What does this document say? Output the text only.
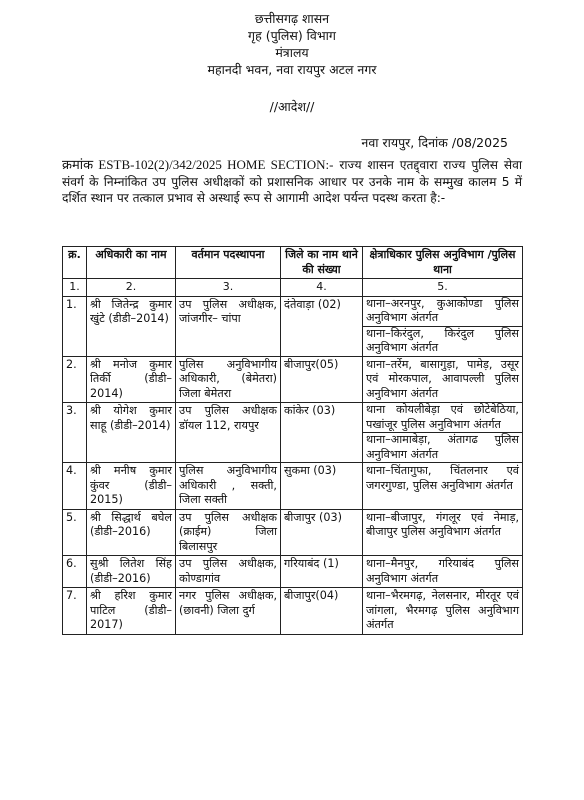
छत्तीसगढ़ शासन
गृह (पुलिस) विभाग
मंत्रालय
महानदी भवन, नवा रायपुर अटल नगर
//आदेश//
नवा रायपुर, दिनांक /08/2025
क्रमांक ESTB-102(2)/342/2025 HOME SECTION:- राज्य शासन एतद्द्वारा राज्य पुलिस सेवा संवर्ग के निम्नांकित उप पुलिस अधीक्षकों को प्रशासनिक आधार पर उनके नाम के सम्मुख कालम 5 में दर्शित स्थान पर तत्काल प्रभाव से अस्थाई रूप से आगामी आदेश पर्यन्त पदस्थ करता है:-
क्र.	अधिकारी का नाम	वर्तमान पदस्थापना	जिले का नाम थाने की संख्या	क्षेत्राधिकार पुलिस अनुविभाग /पुलिस थाना
1.	2.	3.	4.	5.
1.	श्री जितेन्द्र कुमार खुंटे (डीडी–2014)	उप पुलिस अधीक्षक, जांजगीर– चांपा	दंतेवाड़ा (02)	थाना–अरनपुर, कुआकोण्डा पुलिस अनुविभाग अंतर्गत
थाना–किरंदुल, किरंदुल पुलिस अनुविभाग अंतर्गत

2.	श्री मनोज कुमार तिर्की (डीडी–2014)	पुलिस अनुविभागीय अधिकारी, (बेमेतरा) जिला बेमेतरा	बीजापुर(05)	थाना–तर्रेम, बासागुड़ा, पामेड़, उसूर एवं मोरकपाल, आवापल्ली पुलिस अनुविभाग अंतर्गत
3.	श्री योगेश कुमार साहू (डीडी–2014)	उप पुलिस अधीक्षक डॉयल 112, रायपुर	कांकेर (03)	थाना कोयलीबेड़ा एवं छोटेबेठिया, पखांजूर पुलिस अनुविभाग अंतर्गत
थाना–आमाबेड़ा, अंतागढ पुलिस अनुविभाग अंतर्गत

4.	श्री मनीष कुमार कुंवर (डीडी–2015)	पुलिस अनुविभागीय अधिकारी , सक्ती, जिला सक्ती	सुकमा (03)	थाना–चिंतागुफा, चिंतलनार एवं जगरगुण्डा, पुलिस अनुविभाग अंतर्गत
5.	श्री सिद्धार्थ बघेल (डीडी–2016)	उप पुलिस अधीक्षक (क्राईम) जिला बिलासपुर	बीजापुर (03)	थाना–बीजापुर, गंगलूर एवं नेमाड़, बीजापुर पुलिस अनुविभाग अंतर्गत
6.	सुश्री लितेश सिंह (डीडी–2016)	उप पुलिस अधीक्षक, कोण्डागांव	गरियाबंद (1)	थाना–मैनपुर, गरियाबंद पुलिस अनुविभाग अंतर्गत
7.	श्री हरिश कुमार पाटिल (डीडी–2017)	नगर पुलिस अधीक्षक, (छावनी) जिला दुर्ग	बीजापुर(04)	थाना–भैरमगढ़, नेलसनार, मीरतूर एवं जांगला, भैरमगढ़ पुलिस अनुविभाग अंतर्गत
